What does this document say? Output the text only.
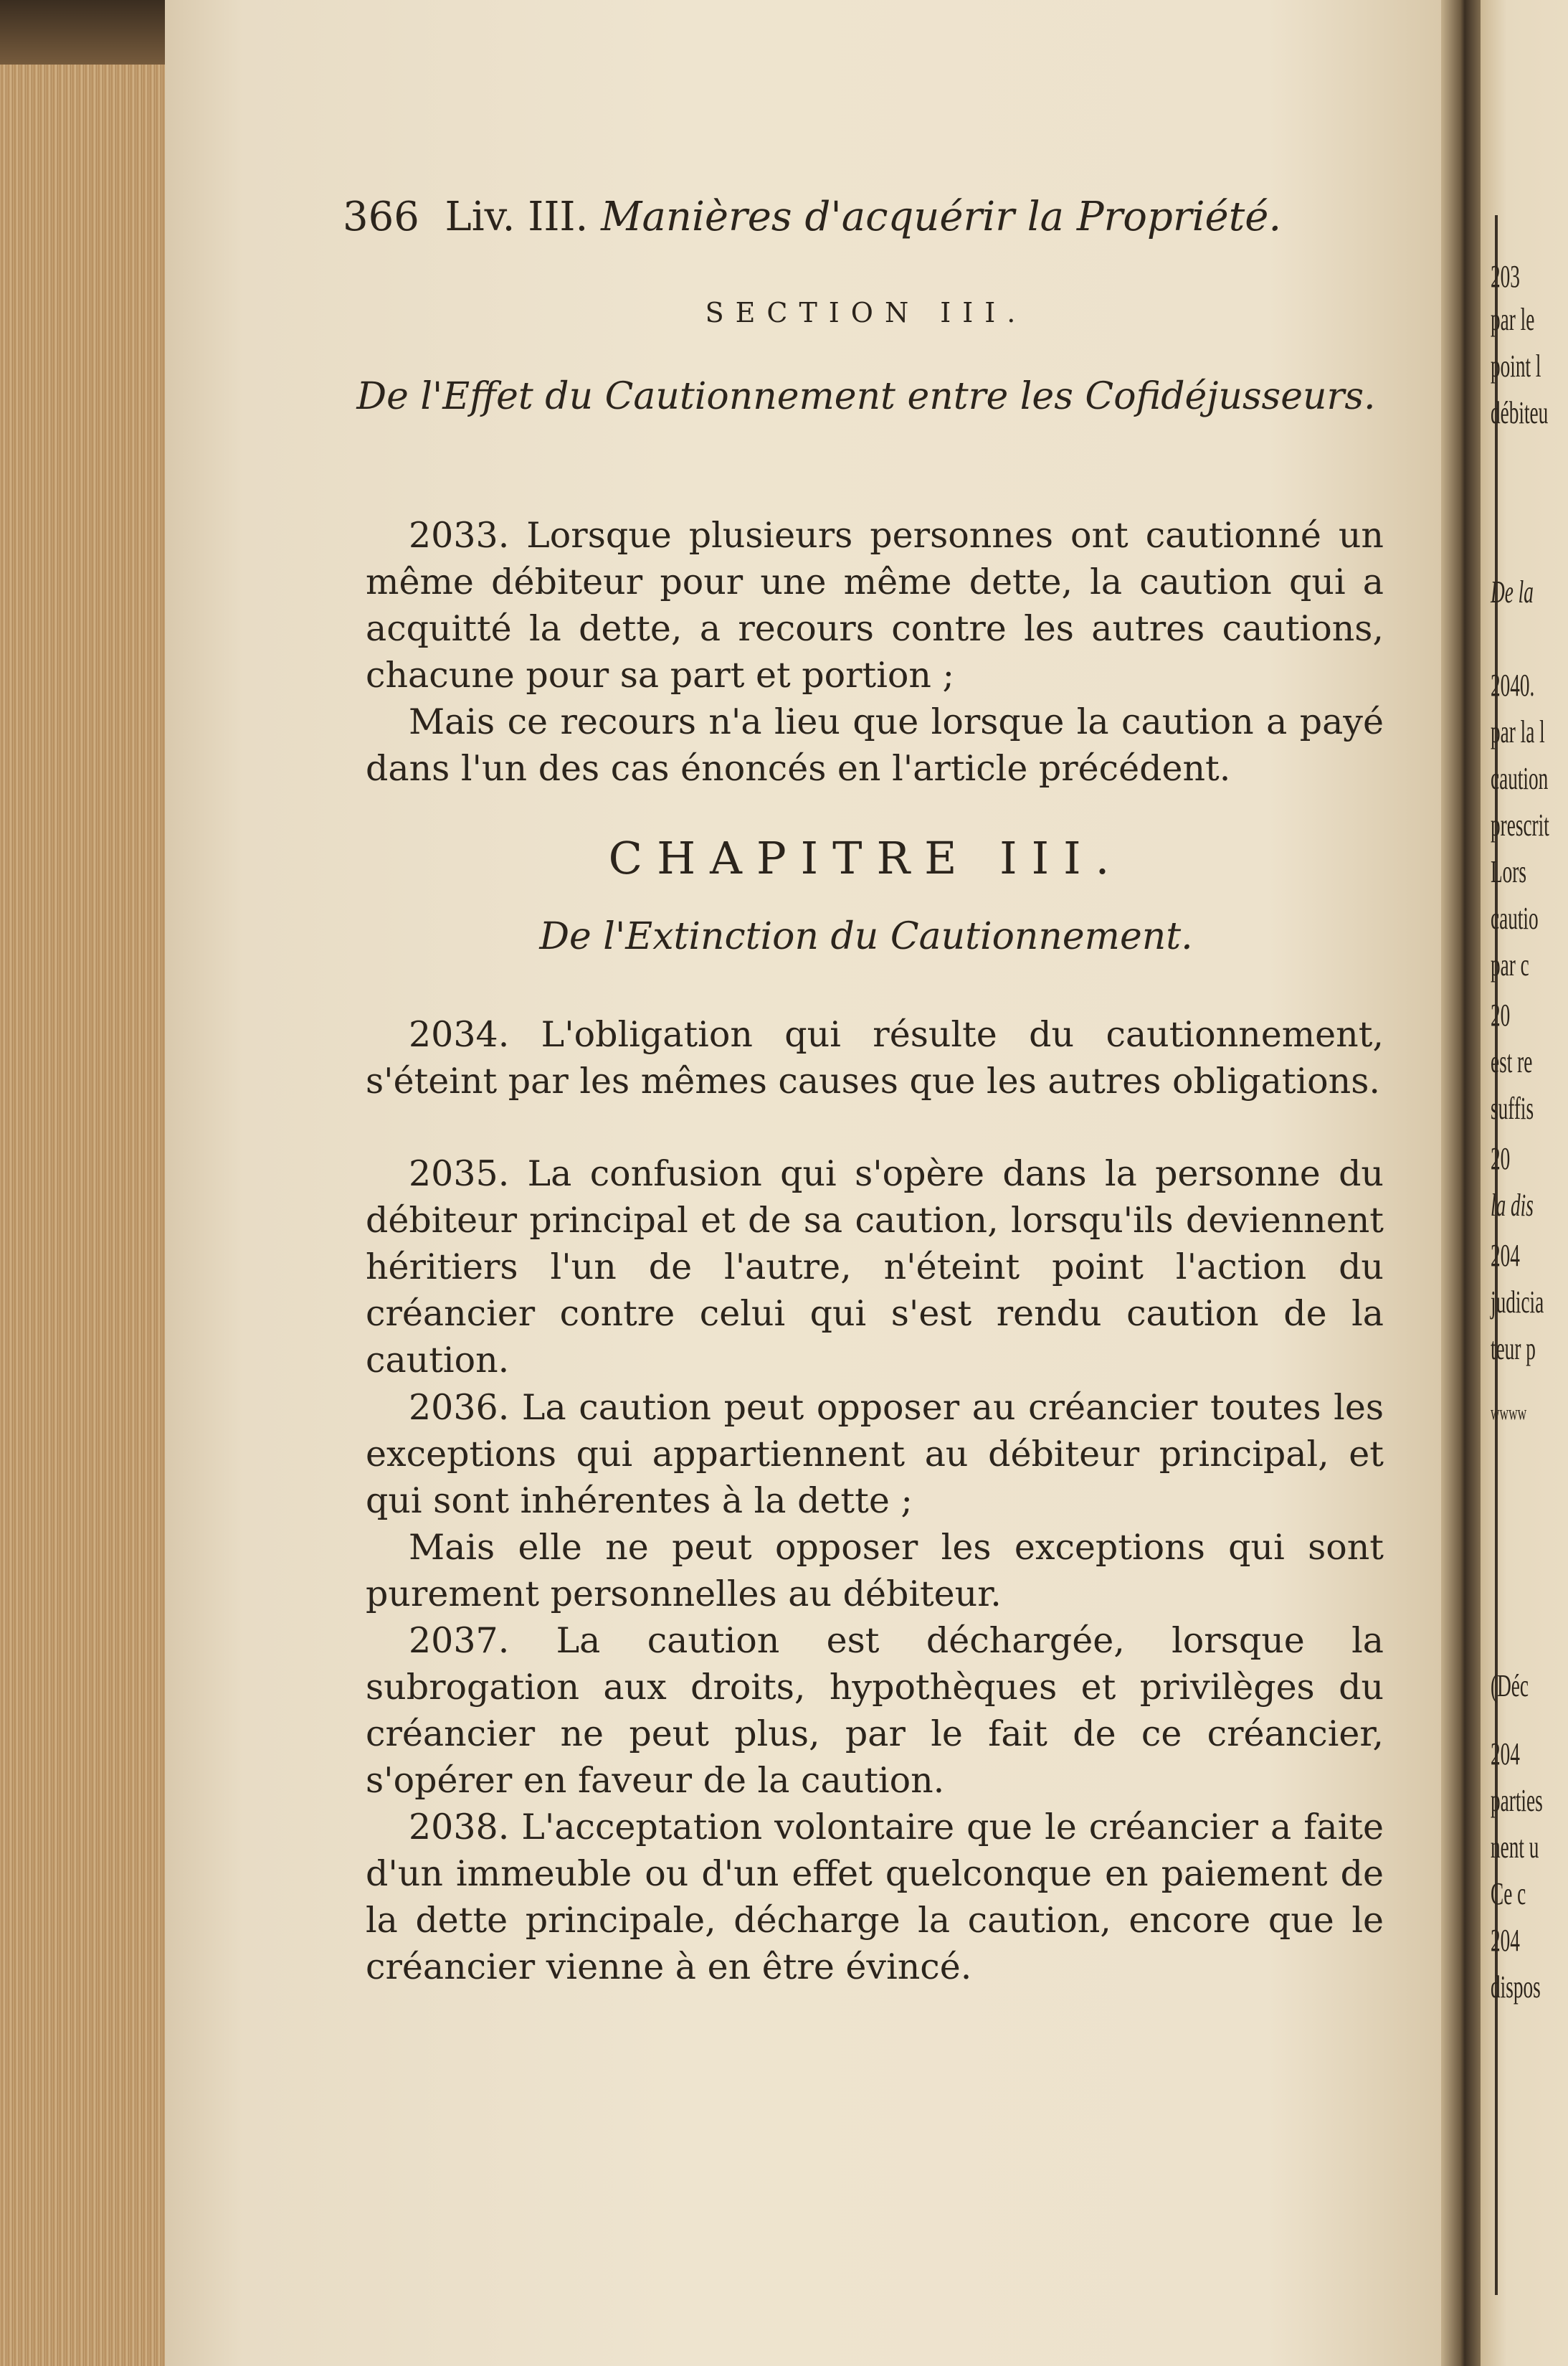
203
par le
point l
débiteu
De la
2040.
par la l
caution
prescrit
Lors
cautio
par c
20
est re
suffis
20
la dis
204
judicia
teur p
wwww
(Déc
204
parties
nent u
Ce c
204
dispos
366 Liv. III. Manières d'acquérir la Propriété.
SECTION III.
De l'Effet du Cautionnement entre les Cofidéjusseurs.
2033. Lorsque plusieurs personnes ont cautionné un même débiteur pour une même dette, la caution qui a acquitté la dette, a recours contre les autres cautions, chacune pour sa part et portion ;
Mais ce recours n'a lieu que lorsque la caution a payé dans l'un des cas énoncés en l'article précédent.
CHAPITRE III.
De l'Extinction du Cautionnement.
2034. L'obligation qui résulte du cautionnement, s'éteint par les mêmes causes que les autres obligations.
2035. La confusion qui s'opère dans la personne du débiteur principal et de sa caution, lorsqu'ils deviennent héritiers l'un de l'autre, n'éteint point l'action du créancier contre celui qui s'est rendu caution de la caution.
2036. La caution peut opposer au créancier toutes les exceptions qui appartiennent au débiteur principal, et qui sont inhérentes à la dette ;
Mais elle ne peut opposer les exceptions qui sont purement personnelles au débiteur.
2037. La caution est déchargée, lorsque la subrogation aux droits, hypothèques et privilèges du créancier ne peut plus, par le fait de ce créancier, s'opérer en faveur de la caution.
2038. L'acceptation volontaire que le créancier a faite d'un immeuble ou d'un effet quelconque en paiement de la dette principale, décharge la caution, encore que le créancier vienne à en être évincé.
